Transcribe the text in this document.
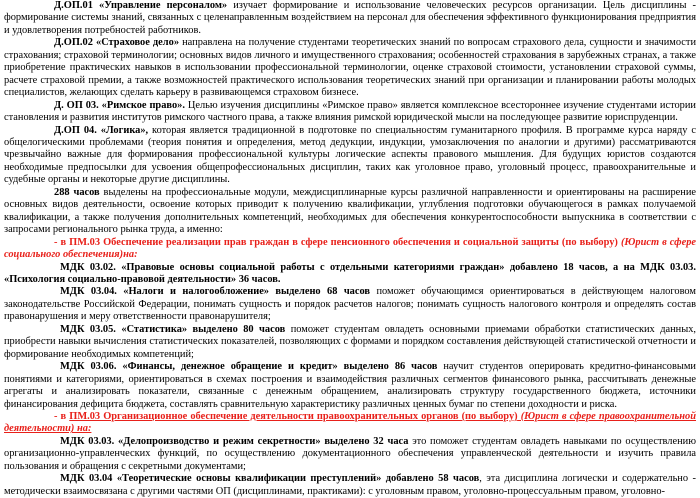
Д.ОП.01 «Управление персоналом» изучает формирование и использование человеческих ресурсов организации. Цель дисциплины - формирование системы знаний, связанных с целенаправленным воздействием на персонал для обеспечения эффективного функционирования предприятия и удовлетворения потребностей работников.

Д.ОП.02 «Страховое дело» направлена на получение студентами теоретических знаний по вопросам страхового дела, сущности и значимости страхования; страховой терминологии; основных видов личного и имущественного страхования; особенностей страхования в зарубежных странах, а также приобретение практических навыков в использовании профессиональной терминологии, оценке страховой стоимости, установлении страховой суммы, расчете страховой премии, а также возможностей практического использования теоретических знаний при организации и планировании работы молодых специалистов, желающих сделать карьеру в развивающемся страховом бизнесе.

Д. ОП 03. «Римское право». Целью изучения дисциплины «Римское право» является комплексное всестороннее изучение студентами истории становления и развития институтов римского частного права, а также влияния римской юридической мысли на последующее развитие юриспруденции.

Д.ОП 04. «Логика», которая является традиционной в подготовке по специальностям гуманитарного профиля. В программе курса наряду с общелогическими проблемами (теория понятия и определения, метод дедукции, индукции, умозаключения по аналогии и другими) рассматриваются чрезвычайно важные для формирования профессиональной культуры логические аспекты правового мышления. Для будущих юристов создаются необходимые предпосылки для усвоения общепрофессиональных дисциплин, таких как уголовное право, уголовный процесс, правоохранительные и судебные органы и некоторые другие дисциплины.

288 часов выделены на профессиональные модули, междисциплинарные курсы различной направленности и ориентированы на расширение основных видов деятельности, освоение которых приводит к получению квалификации, углубления подготовки обучающегося в рамках получаемой квалификации, а также получения дополнительных компетенций, необходимых для обеспечения конкурентоспособности выпускника в соответствии с запросами регионального рынка труда, а именно:

- в ПМ.03 Обеспечение реализации прав граждан в сфере пенсионного обеспечения и социальной защиты (по выбору) (Юрист в сфере социального обеспечения)на:

МДК 03.02. «Правовые основы социальной работы с отдельными категориями граждан» добавлено 18 часов, а на МДК 03.03. «Психология социально-правовой деятельности» 36 часов.

МДК 03.04. «Налоги и налогообложение» выделено 68 часов поможет обучающимся ориентироваться в действующем налоговом законодательстве Российской Федерации, понимать сущность и порядок расчетов налогов; понимать сущность налогового контроля и определять состав правонарушения и меру ответственности правонарушителя;

МДК 03.05. «Статистика» выделено 80 часов поможет студентам овладеть основными приемами обработки статистических данных, приобрести навыки вычисления статистических показателей, позволяющих с формами и порядком составления действующей статистической отчетности и формирование необходимых компетенций;

МДК 03.06. «Финансы, денежное обращение и кредит» выделено 86 часов научит студентов оперировать кредитно-финансовыми понятиями и категориями, ориентироваться в схемах построения и взаимодействия различных сегментов финансового рынка, рассчитывать денежные агрегаты и анализировать показатели, связанные с денежным обращением, анализировать структуру государственного бюджета, источники финансирования дефицита бюджета, составлять сравнительную характеристику различных ценных бумаг по степени доходности и риска.

- в ПМ.03 Организационное обеспечение деятельности правоохранительных органов (по выбору) (Юрист в сфере правоохранительной деятельности) на:

МДК 03.03. «Делопроизводство и режим секретности» выделено 32 часа это поможет студентам овладеть навыками по осуществлению организационно-управленческих функций, по осуществлению документационного обеспечения управленческой деятельности и изучить правила пользования и обращения с секретными документами;

МДК 03.04 «Теоретические основы квалификации преступлений» добавлено 58 часов, эта дисциплина логически и содержательно - методически взаимосвязана с другими частями ОП (дисциплинами, практиками): с уголовным правом, уголовно-процессуальным правом, уголовно-
